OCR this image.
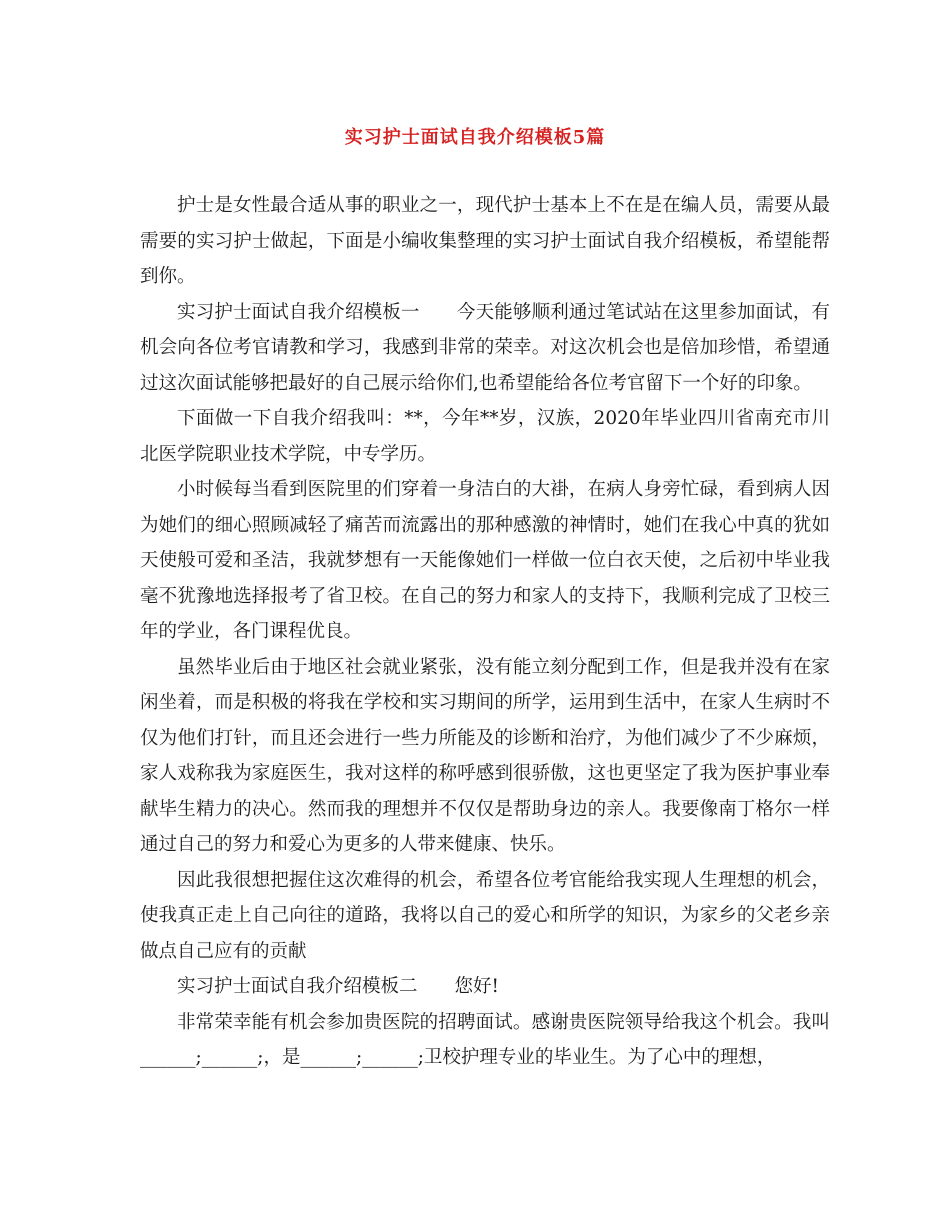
实习护士面试自我介绍模板5篇

护士是女性最合适从事的职业之一，现代护士基本上不在是在编人员，需要从最需要的实习护士做起，下面是小编收集整理的实习护士面试自我介绍模板，希望能帮到你。

实习护士面试自我介绍模板一　　今天能够顺利通过笔试站在这里参加面试，有机会向各位考官请教和学习，我感到非常的荣幸。对这次机会也是倍加珍惜，希望通过这次面试能够把最好的自己展示给你们,也希望能给各位考官留下一个好的印象。

下面做一下自我介绍我叫：**，今年**岁，汉族，2020年毕业四川省南充市川北医学院职业技术学院，中专学历。

小时候每当看到医院里的们穿着一身洁白的大褂，在病人身旁忙碌，看到病人因为她们的细心照顾减轻了痛苦而流露出的那种感激的神情时，她们在我心中真的犹如天使般可爱和圣洁，我就梦想有一天能像她们一样做一位白衣天使，之后初中毕业我毫不犹豫地选择报考了省卫校。在自己的努力和家人的支持下，我顺利完成了卫校三年的学业，各门课程优良。

虽然毕业后由于地区社会就业紧张，没有能立刻分配到工作，但是我并没有在家闲坐着，而是积极的将我在学校和实习期间的所学，运用到生活中，在家人生病时不仅为他们打针，而且还会进行一些力所能及的诊断和治疗，为他们减少了不少麻烦，家人戏称我为家庭医生，我对这样的称呼感到很骄傲，这也更坚定了我为医护事业奉献毕生精力的决心。然而我的理想并不仅仅是帮助身边的亲人。我要像南丁格尔一样通过自己的努力和爱心为更多的人带来健康、快乐。

因此我很想把握住这次难得的机会，希望各位考官能给我实现人生理想的机会，使我真正走上自己向往的道路，我将以自己的爱心和所学的知识，为家乡的父老乡亲做点自己应有的贡献

实习护士面试自我介绍模板二　　您好!

非常荣幸能有机会参加贵医院的招聘面试。感谢贵医院领导给我这个机会。我叫______;______;，是______;______;卫校护理专业的毕业生。为了心中的理想，
